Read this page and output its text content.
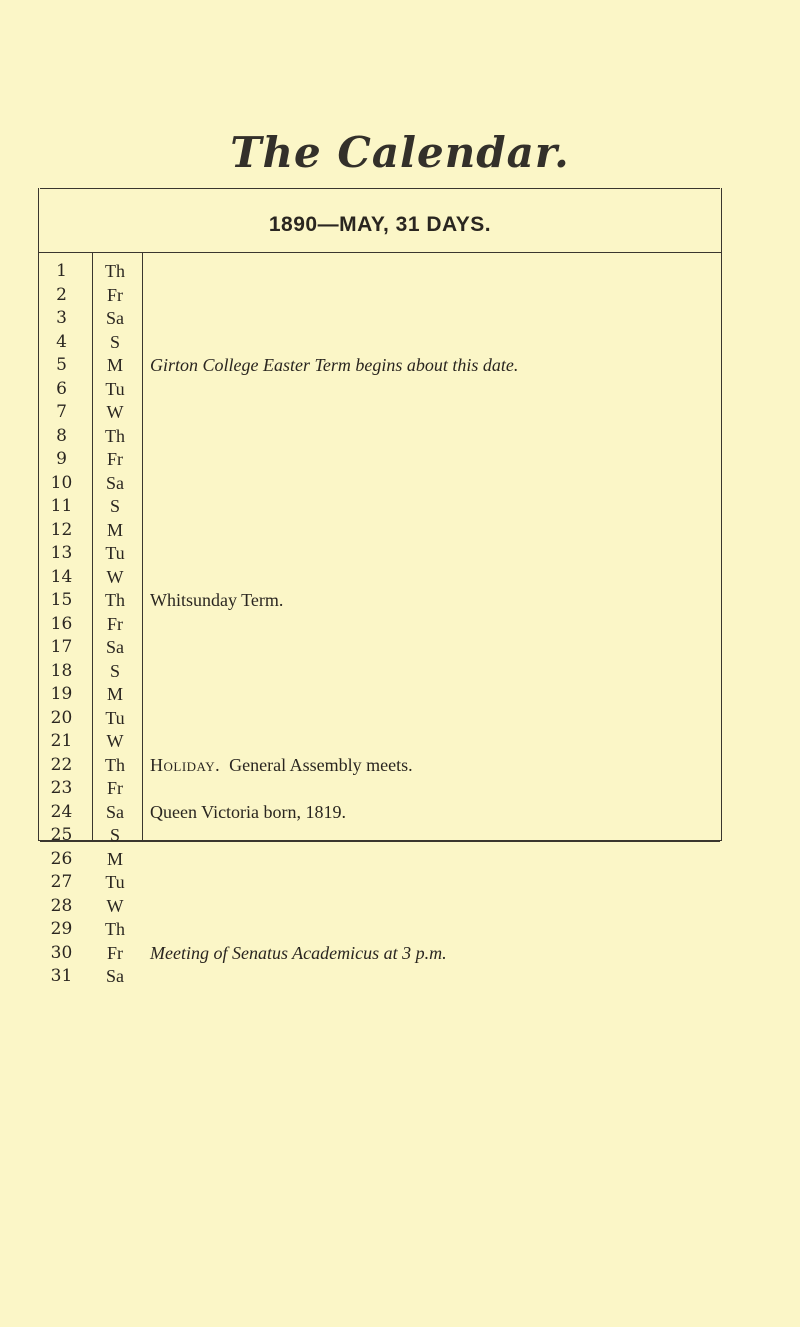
The Calendar.
1890—MAY, 31 DAYS.
1	Th
2	Fr
3	Sa
4	S
5	M	Girton College Easter Term begins about this date.
6	Tu
7	W
8	Th
9	Fr
10	Sa
11	S
12	M
13	Tu
14	W
15	Th	Whitsunday Term.
16	Fr
17	Sa
18	S
19	M
20	Tu
21	W
22	Th	Holiday. General Assembly meets.
23	Fr
24	Sa	Queen Victoria born, 1819.
25	S
26	M
27	Tu
28	W
29	Th
30	Fr	Meeting of Senatus Academicus at 3 p.m.
31	Sa
